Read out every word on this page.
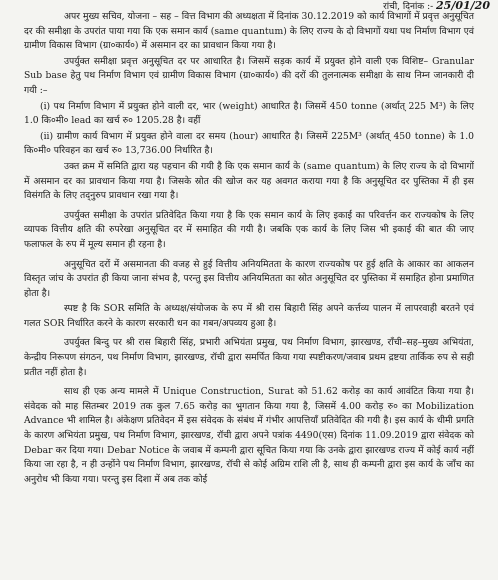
रांची, दिनांक :- 25/01/20

अपर मुख्य सचिव, योजना – सह – वित्त विभाग की अध्यक्षता में दिनांक 30.12.2019 को कार्य विभागों में प्रवृत्त अनुसूचित दर की समीक्षा के उपरांत पाया गया कि एक समान कार्य (same quantum) के लिए राज्य के दो विभागों यथा पथ निर्माण विभाग एवं ग्रामीण विकास विभाग (ग्रा०कार्य०) में असमान दर का प्रावधान किया गया है।

उपर्युक्त समीक्षा प्रवृत्त अनुसूचित दर पर आधारित है। जिसमें सड़क कार्य में प्रयुक्त होने वाली एक विशिष्ट– Granular Sub base हेतु पथ निर्माण विभाग एवं ग्रामीण विकास विभाग (ग्रा०कार्य०) की दरों की तुलनात्मक समीक्षा के साथ निम्न जानकारी दी गयी :–

(i) पथ निर्माण विभाग में प्रयुक्त होने वाली दर, भार (weight) आधारित है। जिसमें 450 tonne (अर्थात् 225 M³) के लिए 1.0 कि०मी० lead का खर्च रु० 1205.28 है। वहीं

(ii) ग्रामीण कार्य विभाग में प्रयुक्त होने वाला दर समय (hour) आधारित है। जिसमें 225M³ (अर्थात् 450 tonne) के 1.0 कि०मी० परिवहन का खर्च रु० 13,736.00 निर्धारित है।

उक्त क्रम में समिति द्वारा यह पहचान की गयी है कि एक समान कार्य के (same quantum) के लिए राज्य के दो विभागों में असमान दर का प्रावधान किया गया है। जिसके स्रोत की खोज कर यह अवगत कराया गया है कि अनुसूचित दर पुस्तिका में ही इस विसंगति के लिए तद्नुरुप प्रावधान रखा गया है।

उपर्युक्त समीक्षा के उपरांत प्रतिवेदित किया गया है कि एक समान कार्य के लिए इकाई का परिवर्त्तन कर राज्यकोष के लिए व्यापक वित्तीय क्षति की रुपरेखा अनुसूचित दर में समाहित की गयी है। जबकि एक कार्य के लिए जिस भी इकाई की बात की जाए फलाफल के रुप में मूल्य समान ही रहना है।

अनुसूचित दरों में असमानता की वजह से हुई वित्तीय अनियमितता के कारण राज्यकोष पर हुई क्षति के आकार का आकलन विस्तृत जांच के उपरांत ही किया जाना संभव है, परन्तु इस वित्तीय अनियमितता का स्रोत अनुसूचित दर पुस्तिका में समाहित होना प्रमाणित होता है।

स्पष्ट है कि SOR समिति के अध्यक्ष/संयोजक के रुप में श्री रास बिहारी सिंह अपने कर्त्तव्य पालन में लापरवाही बरतने एवं गलत SOR निर्धारित करने के कारण सरकारी धन का गबन/अपव्यय हुआ है।

उपर्युक्त बिन्दु पर श्री रास बिहारी सिंह, प्रभारी अभियंता प्रमुख, पथ निर्माण विभाग, झारखण्ड, राँची–सह–मुख्य अभियंता, केन्द्रीय निरूपण संगठन, पथ निर्माण विभाग, झारखण्ड, रॉची द्वारा समर्पित किया गया स्पष्टीकरण/जवाब प्रथम द्रष्टया तार्किक रुप से सही प्रतीत नहीं होता है।

साथ ही एक अन्य मामले में Unique Construction, Surat को 51.62 करोड़ का कार्य आवंटित किया गया है। संवेदक को माह सितम्बर 2019 तक कुल 7.65 करोड़ का भुगतान किया गया है, जिसमें 4.00 करोड़ रु० का Mobilization Advance भी शामिल है। अंकेक्षण प्रतिवेदन में इस संवेदक के संबंध में गंभीर आपत्तियाँ प्रतिवेदित की गयी है। इस कार्य के धीमी प्रगति के कारण अभियंता प्रमुख, पथ निर्माण विभाग, झारखण्ड, रॉची द्वारा अपने पत्रांक 4490(एस) दिनांक 11.09.2019 द्वारा संवेदक को Debar कर दिया गया। Debar Notice के जवाब में कम्पनी द्वारा सूचित किया गया कि उनके द्वारा झारखण्ड राज्य में कोई कार्य नहीं किया जा रहा है, न ही उन्होंने पथ निर्माण विभाग, झारखण्ड, रॉची से कोई अग्रिम राशि ली है, साथ ही कम्पनी द्वारा इस कार्य के जाँच का अनुरोध भी किया गया। परन्तु इस दिशा में अब तक कोई
